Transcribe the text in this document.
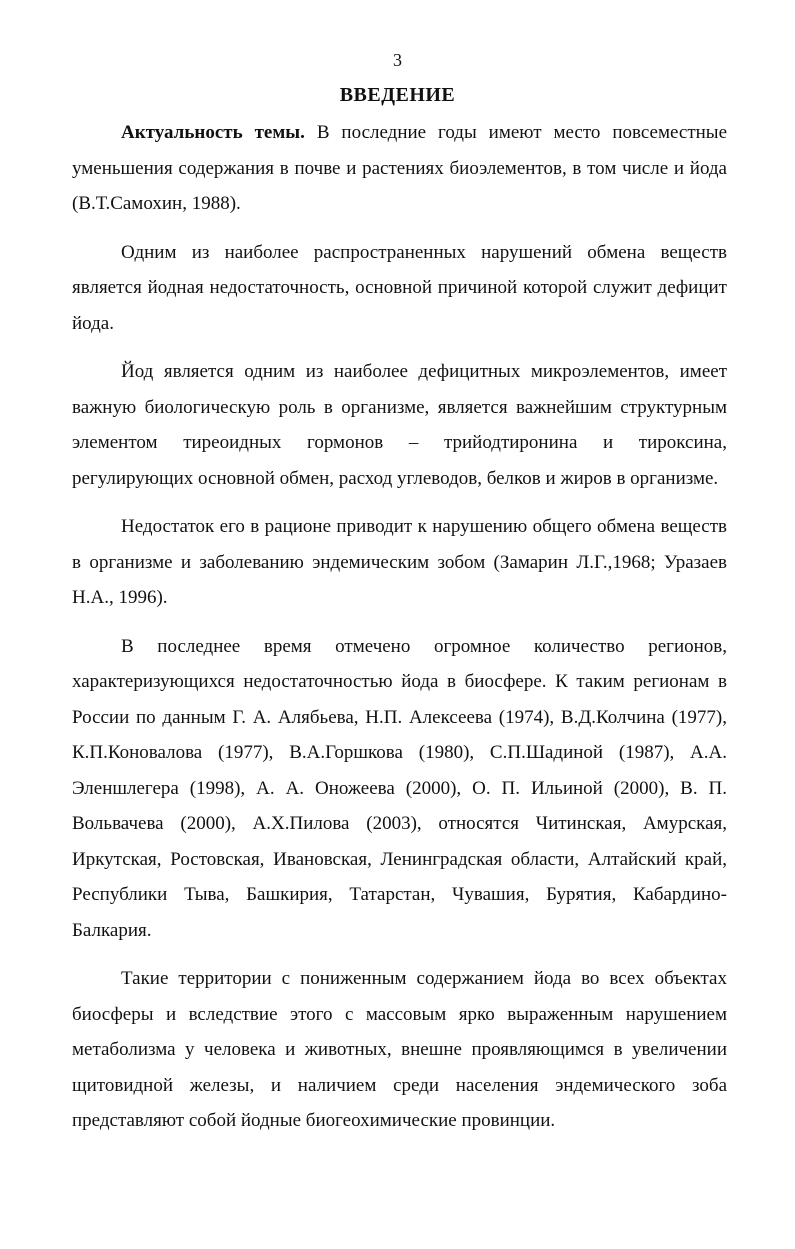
3
ВВЕДЕНИЕ

Актуальность темы. В последние годы имеют место повсеместные уменьшения содержания в почве и растениях биоэлементов, в том числе и йода (В.Т.Самохин, 1988).

Одним из наиболее распространенных нарушений обмена веществ является йодная недостаточность, основной причиной которой служит дефицит йода.

Йод является одним из наиболее дефицитных микроэлементов, имеет важную биологическую роль в организме, является важнейшим структурным элементом тиреоидных гормонов – трийодтиронина и тироксина, регулирующих основной обмен, расход углеводов, белков и жиров в организме.

Недостаток его в рационе приводит к нарушению общего обмена веществ в организме и заболеванию эндемическим зобом (Замарин Л.Г.,1968; Уразаев Н.А., 1996).

В последнее время отмечено огромное количество регионов, характеризующихся недостаточностью йода в биосфере. К таким регионам в России по данным Г. А. Алябьева, Н.П. Алексеева (1974), В.Д.Колчина (1977), К.П.Коновалова (1977), В.А.Горшкова (1980), С.П.Шадиной (1987), А.А. Эленшлегера (1998), А. А. Оножеева (2000), О. П. Ильиной (2000), В. П. Вольвачева (2000), А.Х.Пилова (2003), относятся Читинская, Амурская, Иркутская, Ростовская, Ивановская, Ленинградская области, Алтайский край, Республики Тыва, Башкирия, Татарстан, Чувашия, Бурятия, Кабардино-Балкария.

Такие территории с пониженным содержанием йода во всех объектах биосферы и вследствие этого с массовым ярко выраженным нарушением метаболизма у человека и животных, внешне проявляющимся в увеличении щитовидной железы, и наличием среди населения эндемического зоба представляют собой йодные биогеохимические провинции.
